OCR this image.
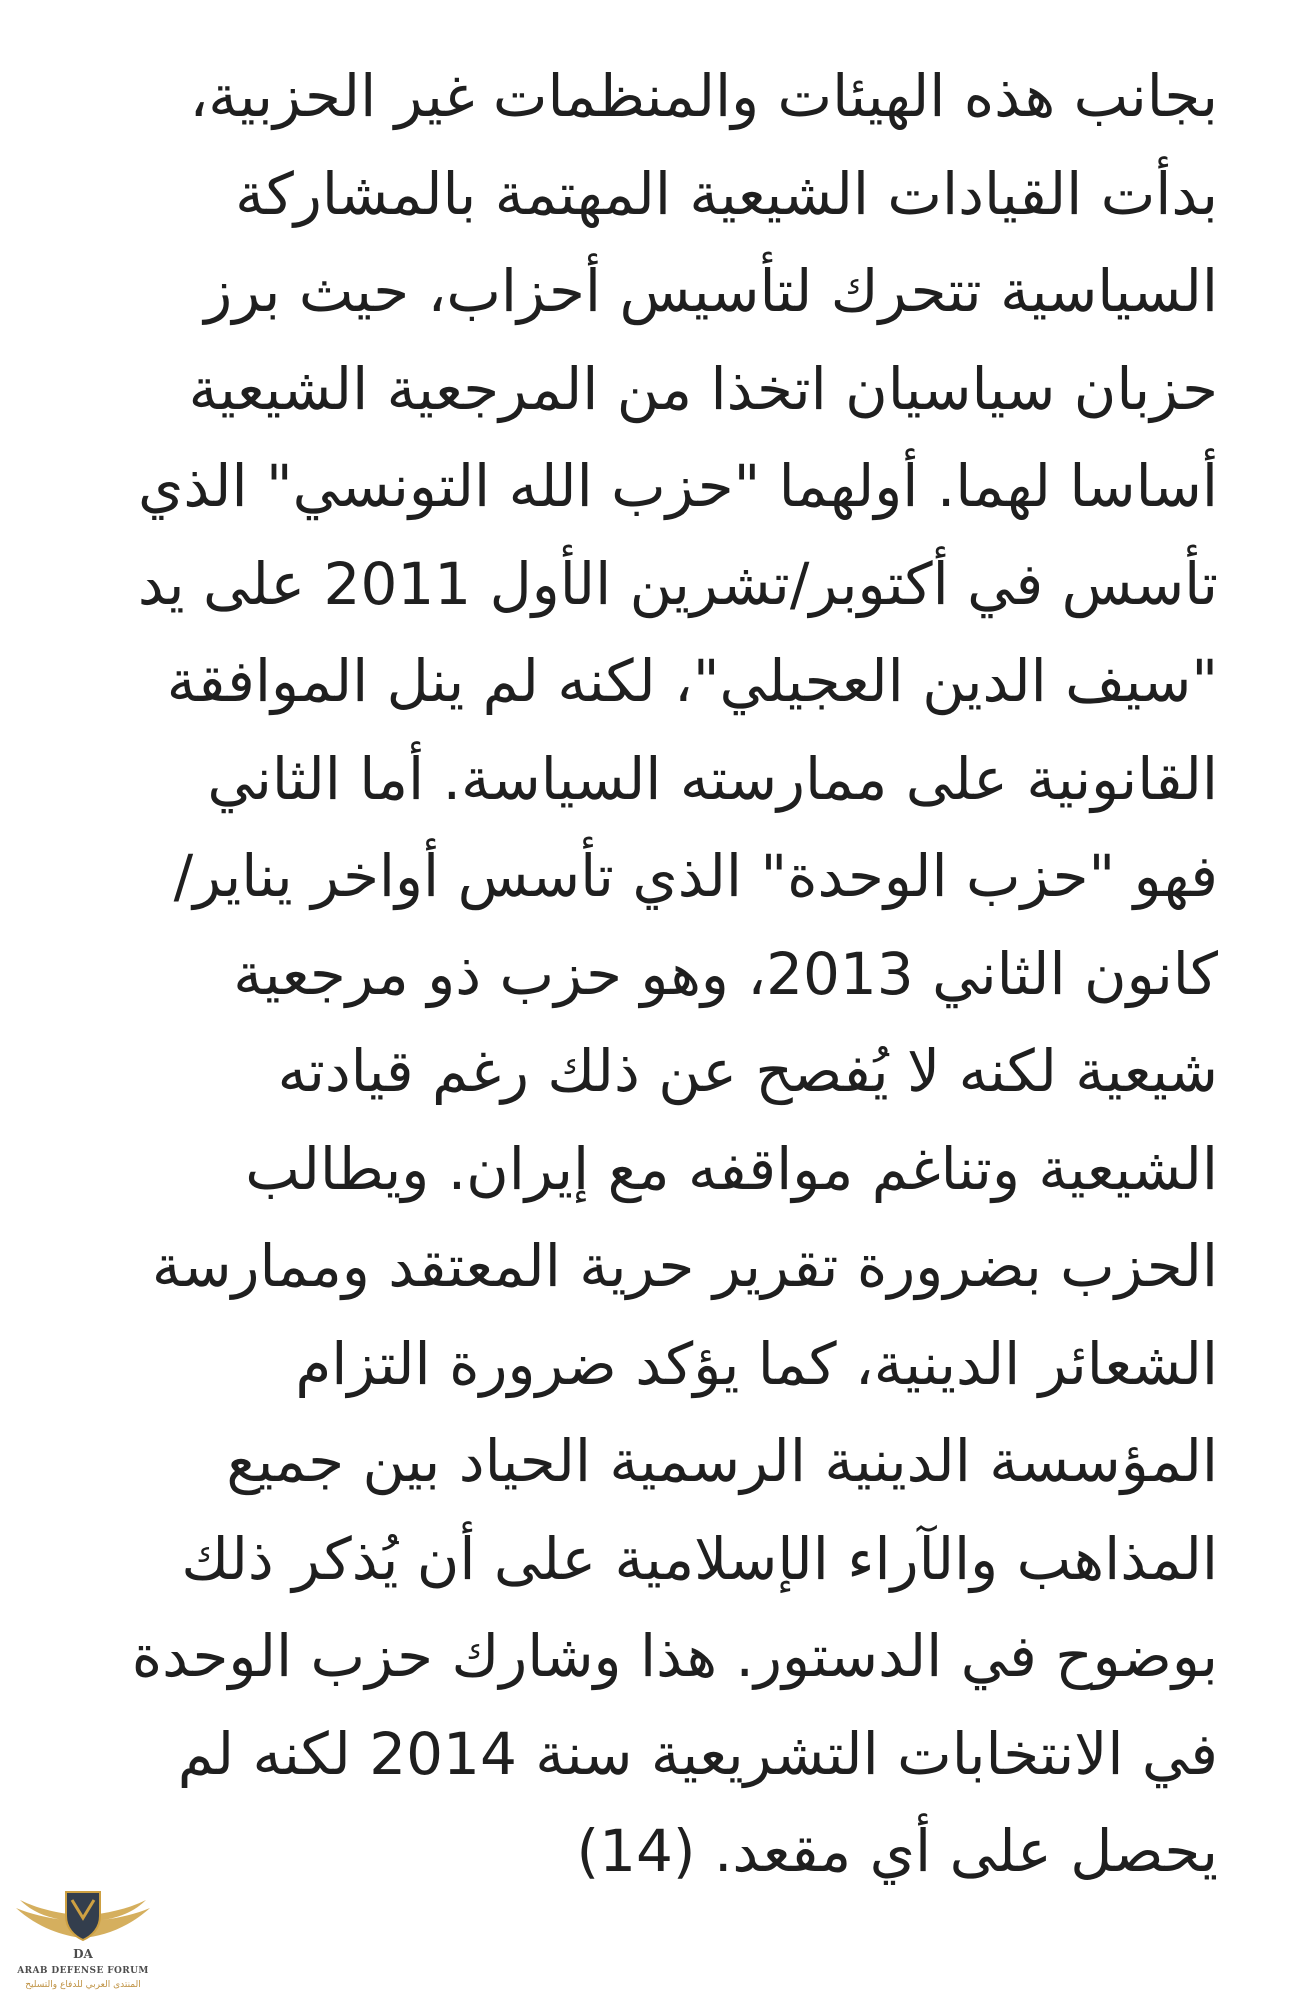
بجانب هذه الهيئات والمنظمات غير الحزبية،
بدأت القيادات الشيعية المهتمة بالمشاركة
السياسية تتحرك لتأسيس أحزاب، حيث برز
حزبان سياسيان اتخذا من المرجعية الشيعية
أساسا لهما. أولهما "حزب الله التونسي" الذي
تأسس في أكتوبر/تشرين الأول 2011 على يد
"سيف الدين العجيلي"، لكنه لم ينل الموافقة
القانونية على ممارسته السياسة. أما الثاني
فهو "حزب الوحدة" الذي تأسس أواخر يناير/
كانون الثاني 2013، وهو حزب ذو مرجعية
شيعية لكنه لا يُفصح عن ذلك رغم قيادته
الشيعية وتناغم مواقفه مع إيران. ويطالب
الحزب بضرورة تقرير حرية المعتقد وممارسة
الشعائر الدينية، كما يؤكد ضرورة التزام
المؤسسة الدينية الرسمية الحياد بين جميع
المذاهب والآراء الإسلامية على أن يُذكر ذلك
بوضوح في الدستور. هذا وشارك حزب الوحدة
في الانتخابات التشريعية سنة 2014 لكنه لم
يحصل على أي مقعد. (14)
DA
ARAB DEFENSE FORUM
المنتدى العربي للدفاع والتسليح
